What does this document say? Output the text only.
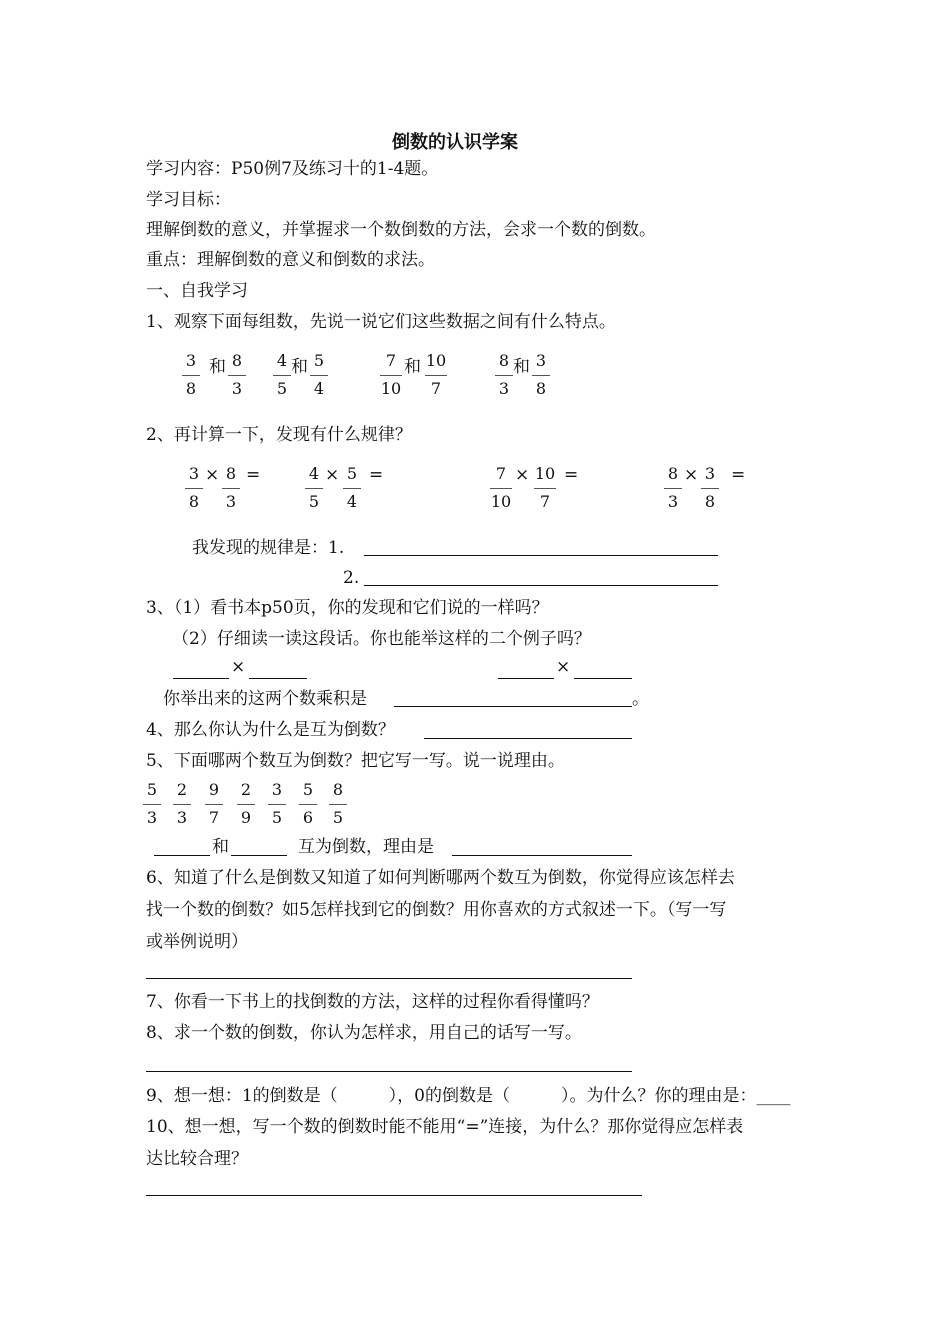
倒数的认识学案
学习内容：P50例7及练习十的1-4题。
学习目标：
理解倒数的意义，并掌握求一个数倒数的方法，会求一个数的倒数。
重点：理解倒数的意义和倒数的求法。
一、自我学习
1、观察下面每组数，先说一说它们这些数据之间有什么特点。
3
8
和 8
3
4
5
和 5
4
7
10
和 10
7
8
3
和 3
8
2、再计算一下，发现有什么规律？
3
8
× 8
3
=	4
5
× 5
4
=	7
10
× 10
7
=	8
3
× 3
8
=
我发现的规律是：1.
2.
3、（1）看书本p50页，你的发现和它们说的一样吗？
（2）仔细读一读这段话。你也能举这样的二个例子吗？
×	×
你举出来的这两个数乘积是	。
4、那么你认为什么是互为倒数？
5、下面哪两个数互为倒数？把它写一写。说一说理由。
5
3
2
3
9
7
2
9
3
5
5
6
8
5
和	互为倒数，理由是
6、知道了什么是倒数又知道了如何判断哪两个数互为倒数，你觉得应该怎样去
找一个数的倒数？如5怎样找到它的倒数？用你喜欢的方式叙述一下。（写一写
或举例说明）
7、你看一下书上的找倒数的方法，这样的过程你看得懂吗？
8、求一个数的倒数，你认为怎样求，用自己的话写一写。
9、想一想：1的倒数是（　　　），0的倒数是（　　　）。为什么？你的理由是：____
10、想一想，写一个数的倒数时能不能用“=”连接，为什么？那你觉得应怎样表
达比较合理？
